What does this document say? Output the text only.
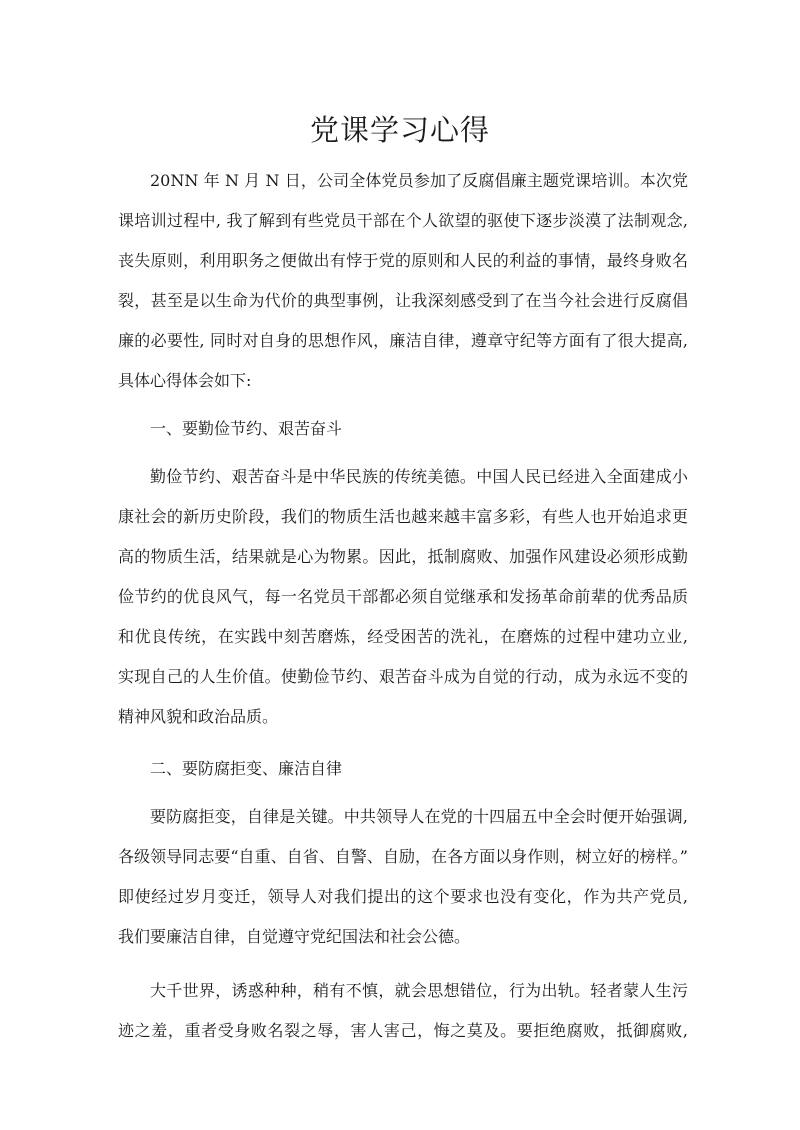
党课学习心得
20NN 年 N 月 N 日，公司全体党员参加了反腐倡廉主题党课培训。本次党
课培训过程中, 我了解到有些党员干部在个人欲望的驱使下逐步淡漠了法制观念,
丧失原则，利用职务之便做出有悖于党的原则和人民的利益的事情，最终身败名
裂，甚至是以生命为代价的典型事例，让我深刻感受到了在当今社会进行反腐倡
廉的必要性, 同时对自身的思想作风，廉洁自律，遵章守纪等方面有了很大提高,
具体心得体会如下:
一、要勤俭节约、艰苦奋斗
勤俭节约、艰苦奋斗是中华民族的传统美德。中国人民已经进入全面建成小
康社会的新历史阶段，我们的物质生活也越来越丰富多彩，有些人也开始追求更
高的物质生活，结果就是心为物累。因此，抵制腐败、加强作风建设必须形成勤
俭节约的优良风气，每一名党员干部都必须自觉继承和发扬革命前辈的优秀品质
和优良传统，在实践中刻苦磨炼，经受困苦的洗礼，在磨炼的过程中建功立业,
实现自己的人生价值。使勤俭节约、艰苦奋斗成为自觉的行动，成为永远不变的
精神风貌和政治品质。
二、要防腐拒变、廉洁自律
要防腐拒变，自律是关键。中共领导人在党的十四届五中全会时便开始强调,
各级领导同志要“自重、自省、自警、自励，在各方面以身作则，树立好的榜样。”
即使经过岁月变迁，领导人对我们提出的这个要求也没有变化，作为共产党员,
我们要廉洁自律，自觉遵守党纪国法和社会公德。
大千世界，诱惑种种，稍有不慎，就会思想错位，行为出轨。轻者蒙人生污
迹之羞，重者受身败名裂之辱，害人害己，悔之莫及。要拒绝腐败，抵御腐败,
